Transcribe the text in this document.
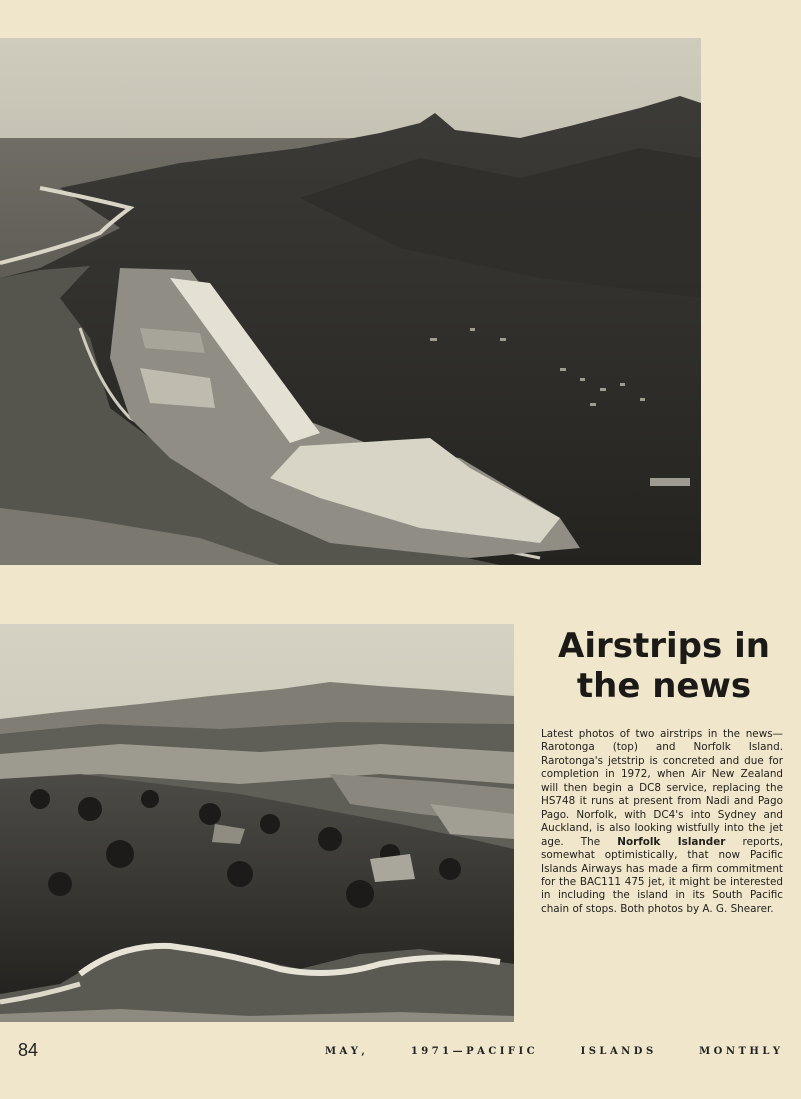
Airstrips in
the news

Latest photos of two airstrips in the news—Rarotonga (top) and Norfolk Island. Rarotonga's jetstrip is concreted and due for completion in 1972, when Air New Zealand will then begin a DC8 service, replacing the HS748 it runs at present from Nadi and Pago Pago. Norfolk, with DC4's into Sydney and Auckland, is also looking wistfully into the jet age. The Norfolk Islander reports, somewhat optimistically, that now Pacific Islands Airways has made a firm commitment for the BAC111 475 jet, it might be interested in including the island in its South Pacific chain of stops. Both photos by A. G. Shearer.

84	M A Y ,	1 9 7 1 — P A C I F I C	I S L A N D S	M O N T H L Y
